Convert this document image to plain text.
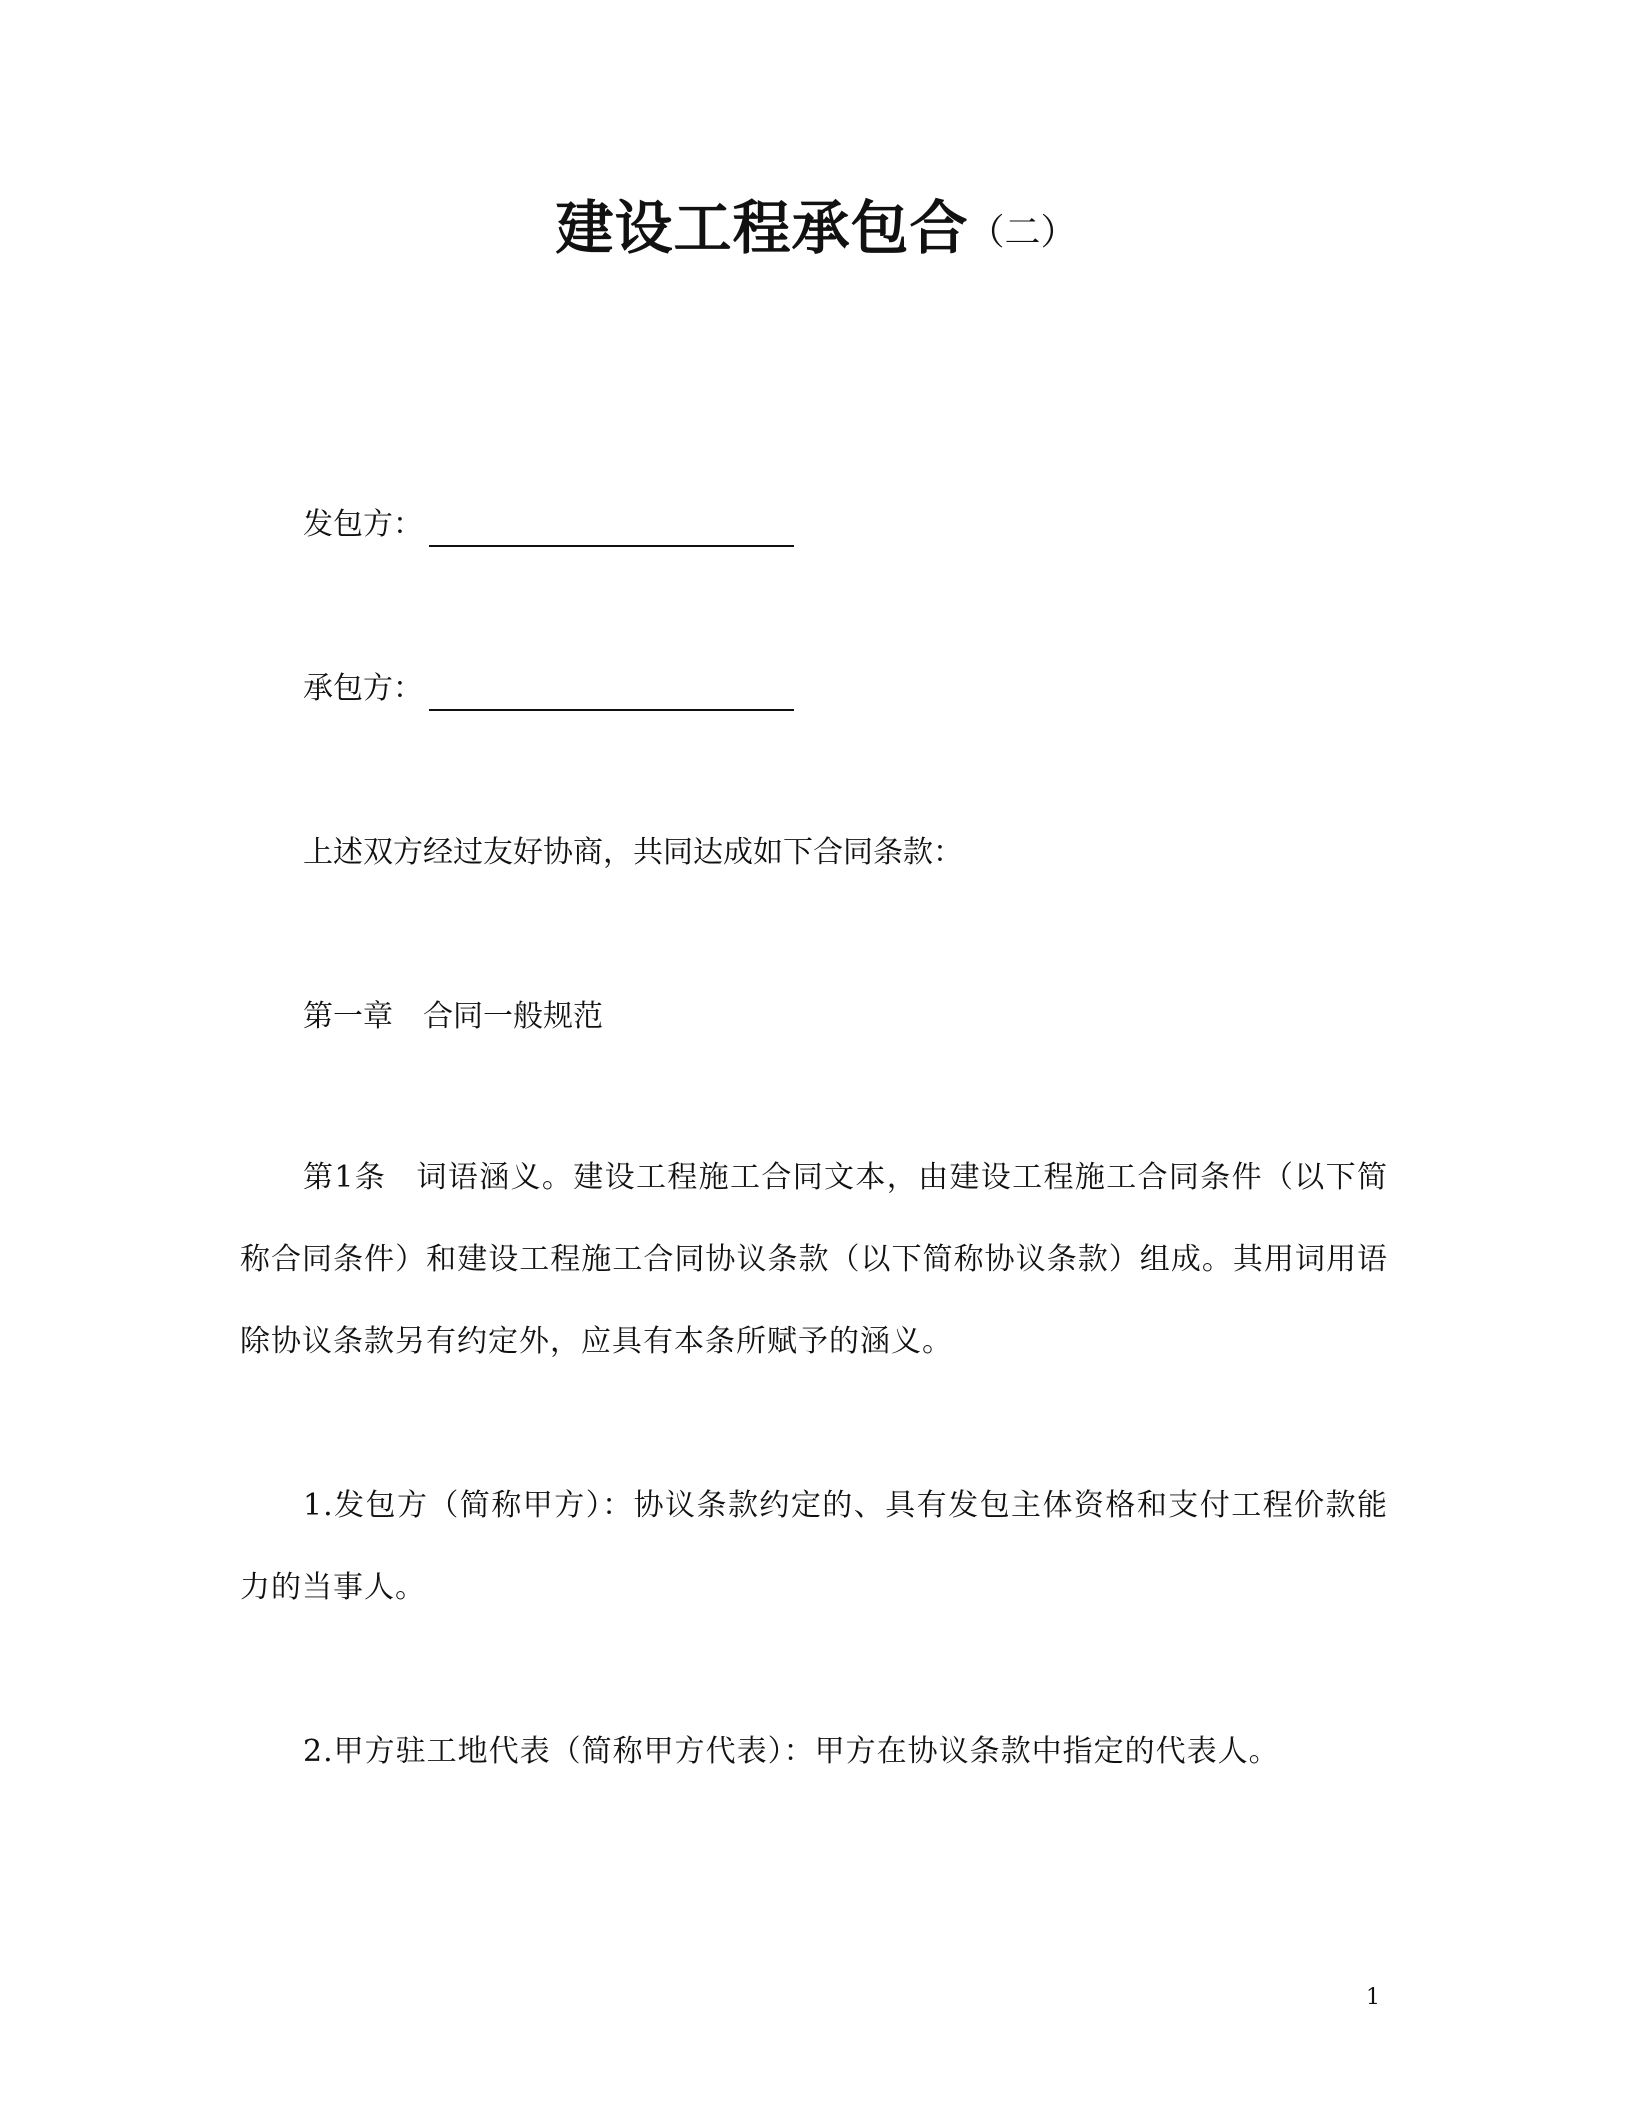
建设工程承包合（二）
发包方：
承包方：
上述双方经过友好协商，共同达成如下合同条款：
第一章 合同一般规范
第1条 词语涵义。建设工程施工合同文本，由建设工程施工合同条件（以下简称合同条件）和建设工程施工合同协议条款（以下简称协议条款）组成。其用词用语除协议条款另有约定外，应具有本条所赋予的涵义。
1.发包方（简称甲方）：协议条款约定的、具有发包主体资格和支付工程价款能力的当事人。
2.甲方驻工地代表（简称甲方代表）：甲方在协议条款中指定的代表人。
1
